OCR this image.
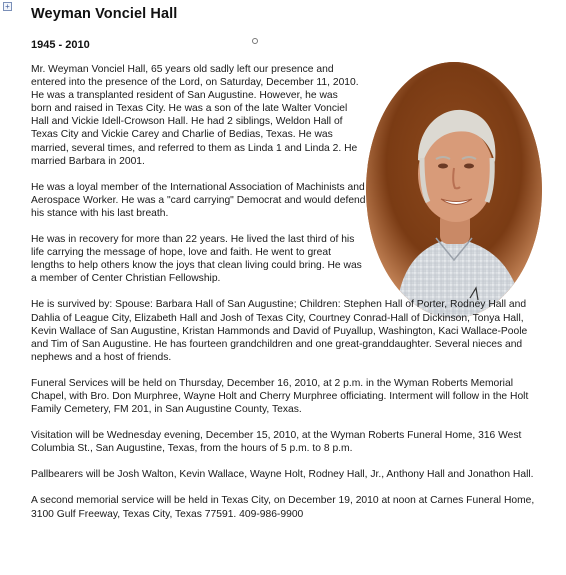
+ Weyman Vonciel Hall

1945 - 2010

Mr. Weyman Vonciel Hall, 65 years old sadly left our presence and entered into the presence of the Lord, on Saturday, December 11, 2010. He was a transplanted resident of San Augustine. However, he was born and raised in Texas City. He was a son of the late Walter Vonciel Hall and Vickie Idell-Crowson Hall. He had 2 siblings, Weldon Hall of Texas City and Vickie Carey and Charlie of Bedias, Texas. He was married, several times, and referred to them as Linda 1 and Linda 2. He married Barbara in 2001.

He was a loyal member of the International Association of Machinists and Aerospace Worker. He was a "card carrying" Democrat and would defend his stance with his last breath.

He was in recovery for more than 22 years. He lived the last third of his life carrying the message of hope, love and faith. He went to great lengths to help others know the joys that clean living could bring. He was a member of Center Christian Fellowship.

He is survived by: Spouse: Barbara Hall of San Augustine; Children: Stephen Hall of Porter, Rodney Hall and Dahlia of League City, Elizabeth Hall and Josh of Texas City, Courtney Conrad-Hall of Dickinson, Tonya Hall, Kevin Wallace of San Augustine, Kristan Hammonds and David of Puyallup, Washington, Kaci Wallace-Poole and Tim of San Augustine. He has fourteen grandchildren and one great-granddaughter. Several nieces and nephews and a host of friends.

Funeral Services will be held on Thursday, December 16, 2010, at 2 p.m. in the Wyman Roberts Memorial Chapel, with Bro. Don Murphree, Wayne Holt and Cherry Murphree officiating. Interment will follow in the Holt Family Cemetery, FM 201, in San Augustine County, Texas.

Visitation will be Wednesday evening, December 15, 2010, at the Wyman Roberts Funeral Home, 316 West Columbia St., San Augustine, Texas, from the hours of 5 p.m. to 8 p.m.

Pallbearers will be Josh Walton, Kevin Wallace, Wayne Holt, Rodney Hall, Jr., Anthony Hall and Jonathon Hall.

A second memorial service will be held in Texas City, on December 19, 2010 at noon at Carnes Funeral Home, 3100 Gulf Freeway, Texas City, Texas 77591. 409-986-9900
